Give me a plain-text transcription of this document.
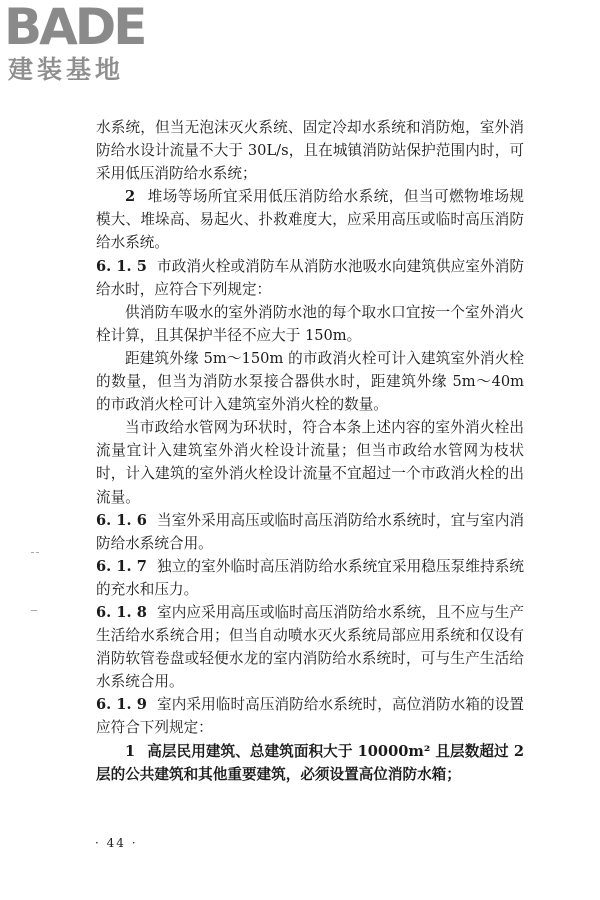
BADE
建装基地

水系统，但当无泡沫灭火系统、固定冷却水系统和消防炮，室外消防给水设计流量不大于 30L/s，且在城镇消防站保护范围内时，可采用低压消防给水系统；

2 堆场等场所宜采用低压消防给水系统，但当可燃物堆场规模大、堆垛高、易起火、扑救难度大，应采用高压或临时高压消防给水系统。

6. 1. 5 市政消火栓或消防车从消防水池吸水向建筑供应室外消防给水时，应符合下列规定：

供消防车吸水的室外消防水池的每个取水口宜按一个室外消火栓计算，且其保护半径不应大于 150m。

距建筑外缘 5m～150m 的市政消火栓可计入建筑室外消火栓的数量，但当为消防水泵接合器供水时，距建筑外缘 5m～40m 的市政消火栓可计入建筑室外消火栓的数量。

当市政给水管网为环状时，符合本条上述内容的室外消火栓出流量宜计入建筑室外消火栓设计流量；但当市政给水管网为枝状时，计入建筑的室外消火栓设计流量不宜超过一个市政消火栓的出流量。

6. 1. 6 当室外采用高压或临时高压消防给水系统时，宜与室内消防给水系统合用。

6. 1. 7 独立的室外临时高压消防给水系统宜采用稳压泵维持系统的充水和压力。

6. 1. 8 室内应采用高压或临时高压消防给水系统，且不应与生产生活给水系统合用；但当自动喷水灭火系统局部应用系统和仅设有消防软管卷盘或轻便水龙的室内消防给水系统时，可与生产生活给水系统合用。

6. 1. 9 室内采用临时高压消防给水系统时，高位消防水箱的设置应符合下列规定：

1 高层民用建筑、总建筑面积大于 10000m² 且层数超过 2 层的公共建筑和其他重要建筑，必须设置高位消防水箱；

· 44 ·
